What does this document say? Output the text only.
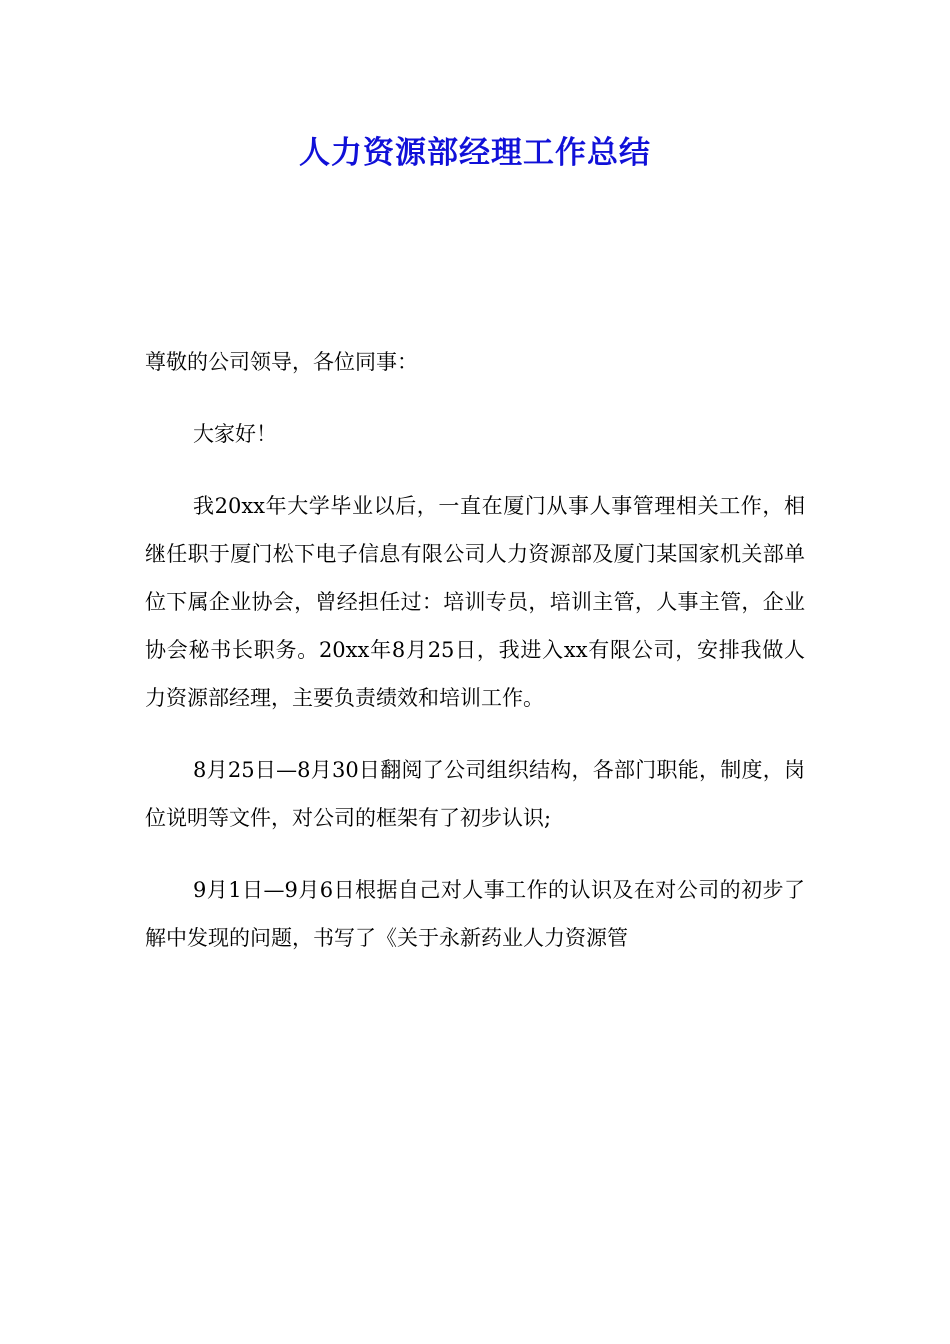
人力资源部经理工作总结

尊敬的公司领导，各位同事：

大家好！

我20xx年大学毕业以后，一直在厦门从事人事管理相关工作，相继任职于厦门松下电子信息有限公司人力资源部及厦门某国家机关部单位下属企业协会，曾经担任过：培训专员，培训主管，人事主管，企业协会秘书长职务。20xx年8月25日，我进入xx有限公司，安排我做人力资源部经理，主要负责绩效和培训工作。

8月25日—8月30日翻阅了公司组织结构，各部门职能，制度，岗位说明等文件，对公司的框架有了初步认识;

9月1日—9月6日根据自己对人事工作的认识及在对公司的初步了解中发现的问题，书写了《关于永新药业人力资源管
